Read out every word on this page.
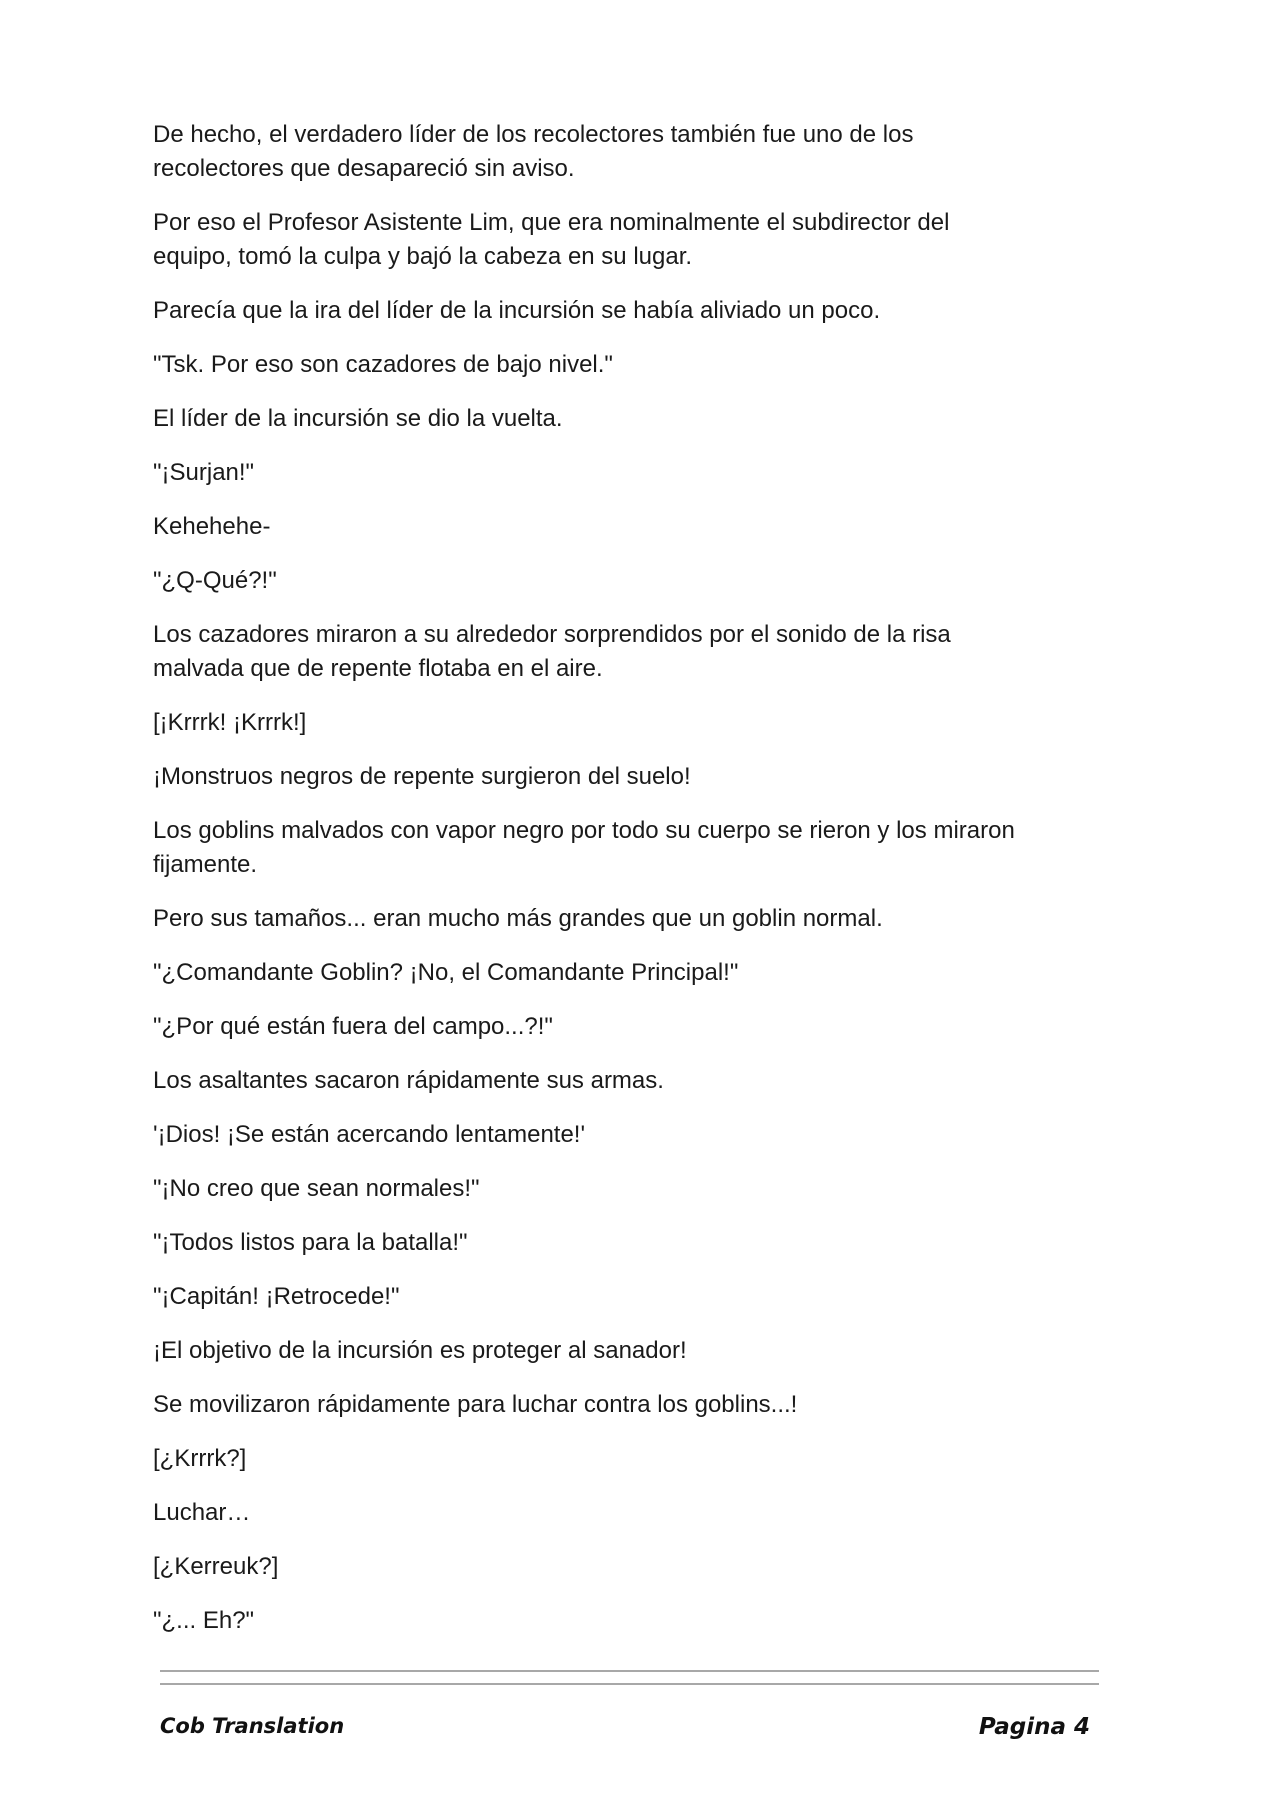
De hecho, el verdadero líder de los recolectores también fue uno de los
recolectores que desapareció sin aviso.

Por eso el Profesor Asistente Lim, que era nominalmente el subdirector del
equipo, tomó la culpa y bajó la cabeza en su lugar.

Parecía que la ira del líder de la incursión se había aliviado un poco.

"Tsk. Por eso son cazadores de bajo nivel."

El líder de la incursión se dio la vuelta.

"¡Surjan!"

Kehehehe-

"¿Q-Qué?!"

Los cazadores miraron a su alrededor sorprendidos por el sonido de la risa
malvada que de repente flotaba en el aire.

[¡Krrrk! ¡Krrrk!]

¡Monstruos negros de repente surgieron del suelo!

Los goblins malvados con vapor negro por todo su cuerpo se rieron y los miraron
fijamente.

Pero sus tamaños... eran mucho más grandes que un goblin normal.

"¿Comandante Goblin? ¡No, el Comandante Principal!"

"¿Por qué están fuera del campo...?!"

Los asaltantes sacaron rápidamente sus armas.

'¡Dios! ¡Se están acercando lentamente!'

"¡No creo que sean normales!"

"¡Todos listos para la batalla!"

"¡Capitán! ¡Retrocede!"

¡El objetivo de la incursión es proteger al sanador!

Se movilizaron rápidamente para luchar contra los goblins...!

[¿Krrrk?]

Luchar…

[¿Kerreuk?]

"¿... Eh?"

Cob Translation	Pagina 4
